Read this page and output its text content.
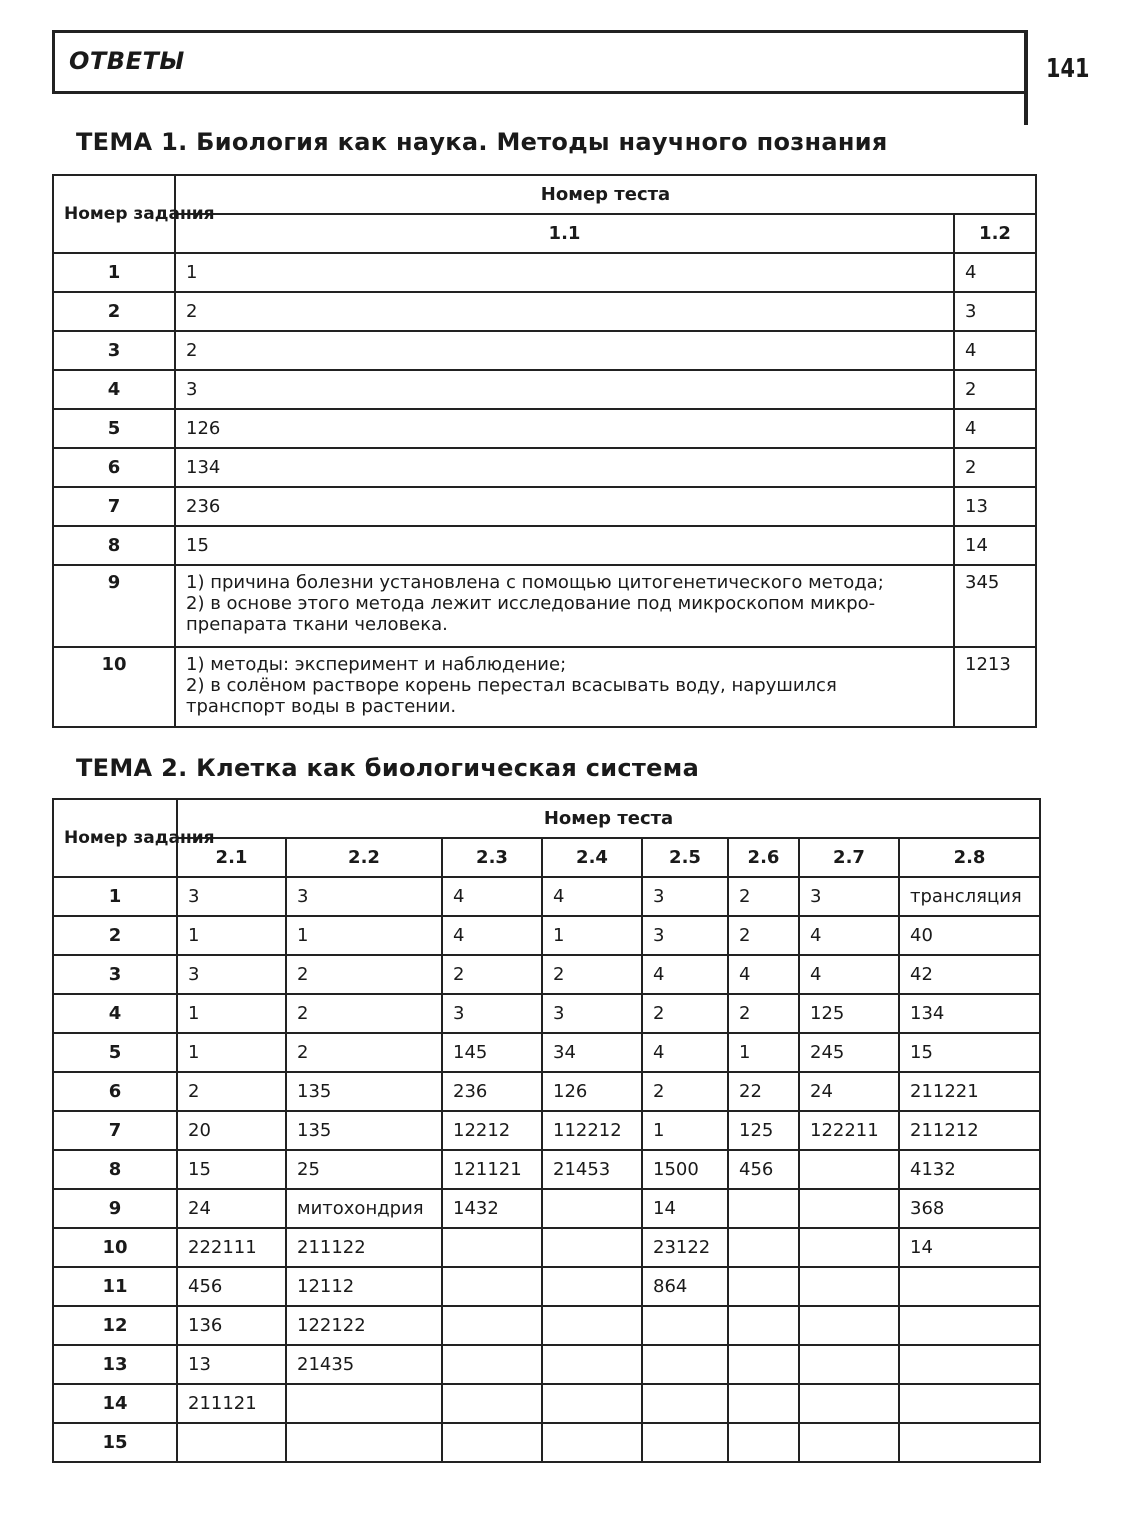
ОТВЕТЫ	141
ТЕМА 1. Биология как наука. Методы научного познания
Номер задания	Номер теста	
	1.1	1.2
1	1	4
2	2	3
3	2	4
4	3	2
5	126	4
6	134	2
7	236	13
8	15	14
9	1) причина болезни установлена с помощью цитогенетического метода;
2) в основе этого метода лежит исследование под микроскопом микро-
препарата ткани человека.	345
10	1) методы: эксперимент и наблюдение;
2) в солёном растворе корень перестал всасывать воду, нарушился
транспорт воды в растении.	1213
ТЕМА 2. Клетка как биологическая система
Номер задания	Номер теста							
	2.1	2.2	2.3	2.4	2.5	2.6	2.7	2.8
1	3	3	4	4	3	2	3	трансляция
2	1	1	4	1	3	2	4	40
3	3	2	2	2	4	4	4	42
4	1	2	3	3	2	2	125	134
5	1	2	145	34	4	1	245	15
6	2	135	236	126	2	22	24	211221
7	20	135	12212	112212	1	125	122211	211212
8	15	25	121121	21453	1500	456		4132
9	24	митохондрия	1432		14			368
10	222111	211122			23122			14
11	456	12112			864			
12	136	122122						
13	13	21435						
14	211121							
15								
